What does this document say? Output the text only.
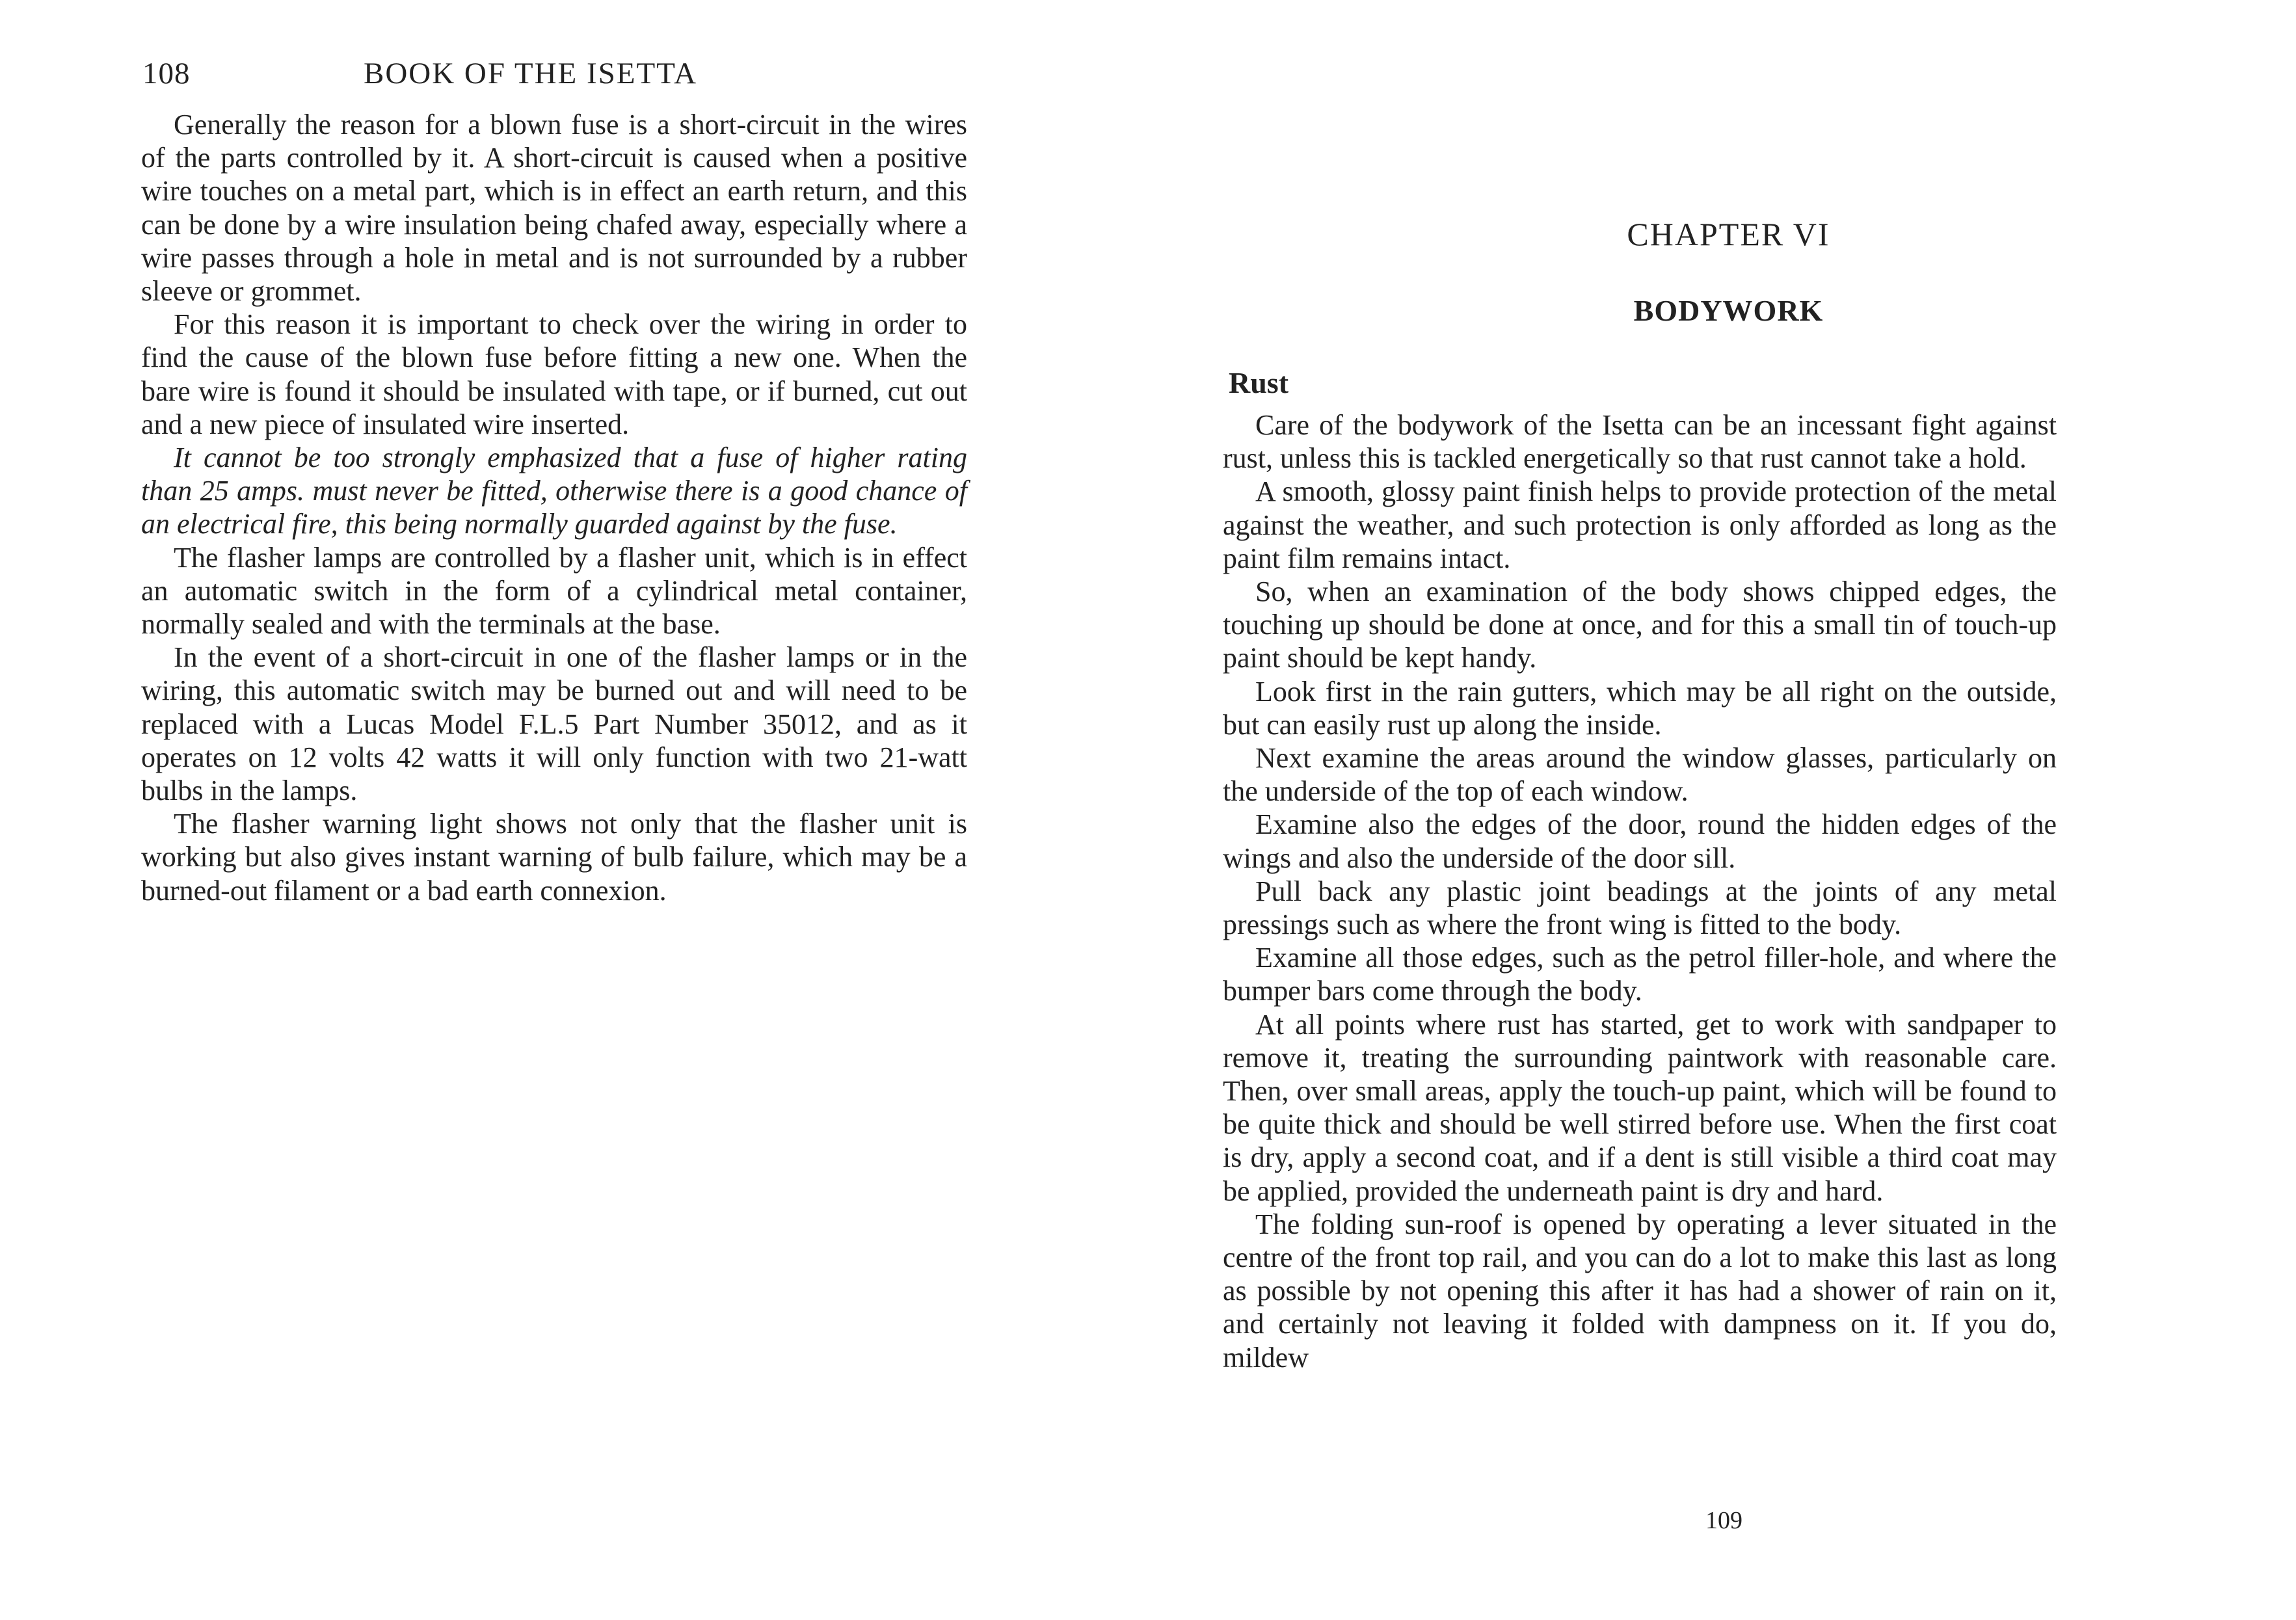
108	BOOK OF THE ISETTA

Generally the reason for a blown fuse is a short-circuit in the wires of the parts controlled by it. A short-circuit is caused when a positive wire touches on a metal part, which is in effect an earth return, and this can be done by a wire insulation being chafed away, especially where a wire passes through a hole in metal and is not surrounded by a rubber sleeve or grommet.

For this reason it is important to check over the wiring in order to find the cause of the blown fuse before fitting a new one. When the bare wire is found it should be insulated with tape, or if burned, cut out and a new piece of insulated wire inserted.

It cannot be too strongly emphasized that a fuse of higher rating than 25 amps. must never be fitted, otherwise there is a good chance of an electrical fire, this being normally guarded against by the fuse.

The flasher lamps are controlled by a flasher unit, which is in effect an automatic switch in the form of a cylindrical metal container, normally sealed and with the terminals at the base.

In the event of a short-circuit in one of the flasher lamps or in the wiring, this automatic switch may be burned out and will need to be replaced with a Lucas Model F.L.5 Part Number 35012, and as it operates on 12 volts 42 watts it will only function with two 21-watt bulbs in the lamps.

The flasher warning light shows not only that the flasher unit is working but also gives instant warning of bulb failure, which may be a burned-out filament or a bad earth connexion.

CHAPTER VI
BODYWORK
Rust

Care of the bodywork of the Isetta can be an incessant fight against rust, unless this is tackled energetically so that rust cannot take a hold.

A smooth, glossy paint finish helps to provide protection of the metal against the weather, and such protection is only afforded as long as the paint film remains intact.

So, when an examination of the body shows chipped edges, the touching up should be done at once, and for this a small tin of touch-up paint should be kept handy.

Look first in the rain gutters, which may be all right on the outside, but can easily rust up along the inside.

Next examine the areas around the window glasses, particularly on the underside of the top of each window.

Examine also the edges of the door, round the hidden edges of the wings and also the underside of the door sill.

Pull back any plastic joint beadings at the joints of any metal pressings such as where the front wing is fitted to the body.

Examine all those edges, such as the petrol filler-hole, and where the bumper bars come through the body.

At all points where rust has started, get to work with sandpaper to remove it, treating the surrounding paintwork with reasonable care. Then, over small areas, apply the touch-up paint, which will be found to be quite thick and should be well stirred before use. When the first coat is dry, apply a second coat, and if a dent is still visible a third coat may be applied, provided the underneath paint is dry and hard.

The folding sun-roof is opened by operating a lever situated in the centre of the front top rail, and you can do a lot to make this last as long as possible by not opening this after it has had a shower of rain on it, and certainly not leaving it folded with dampness on it. If you do, mildew

109
